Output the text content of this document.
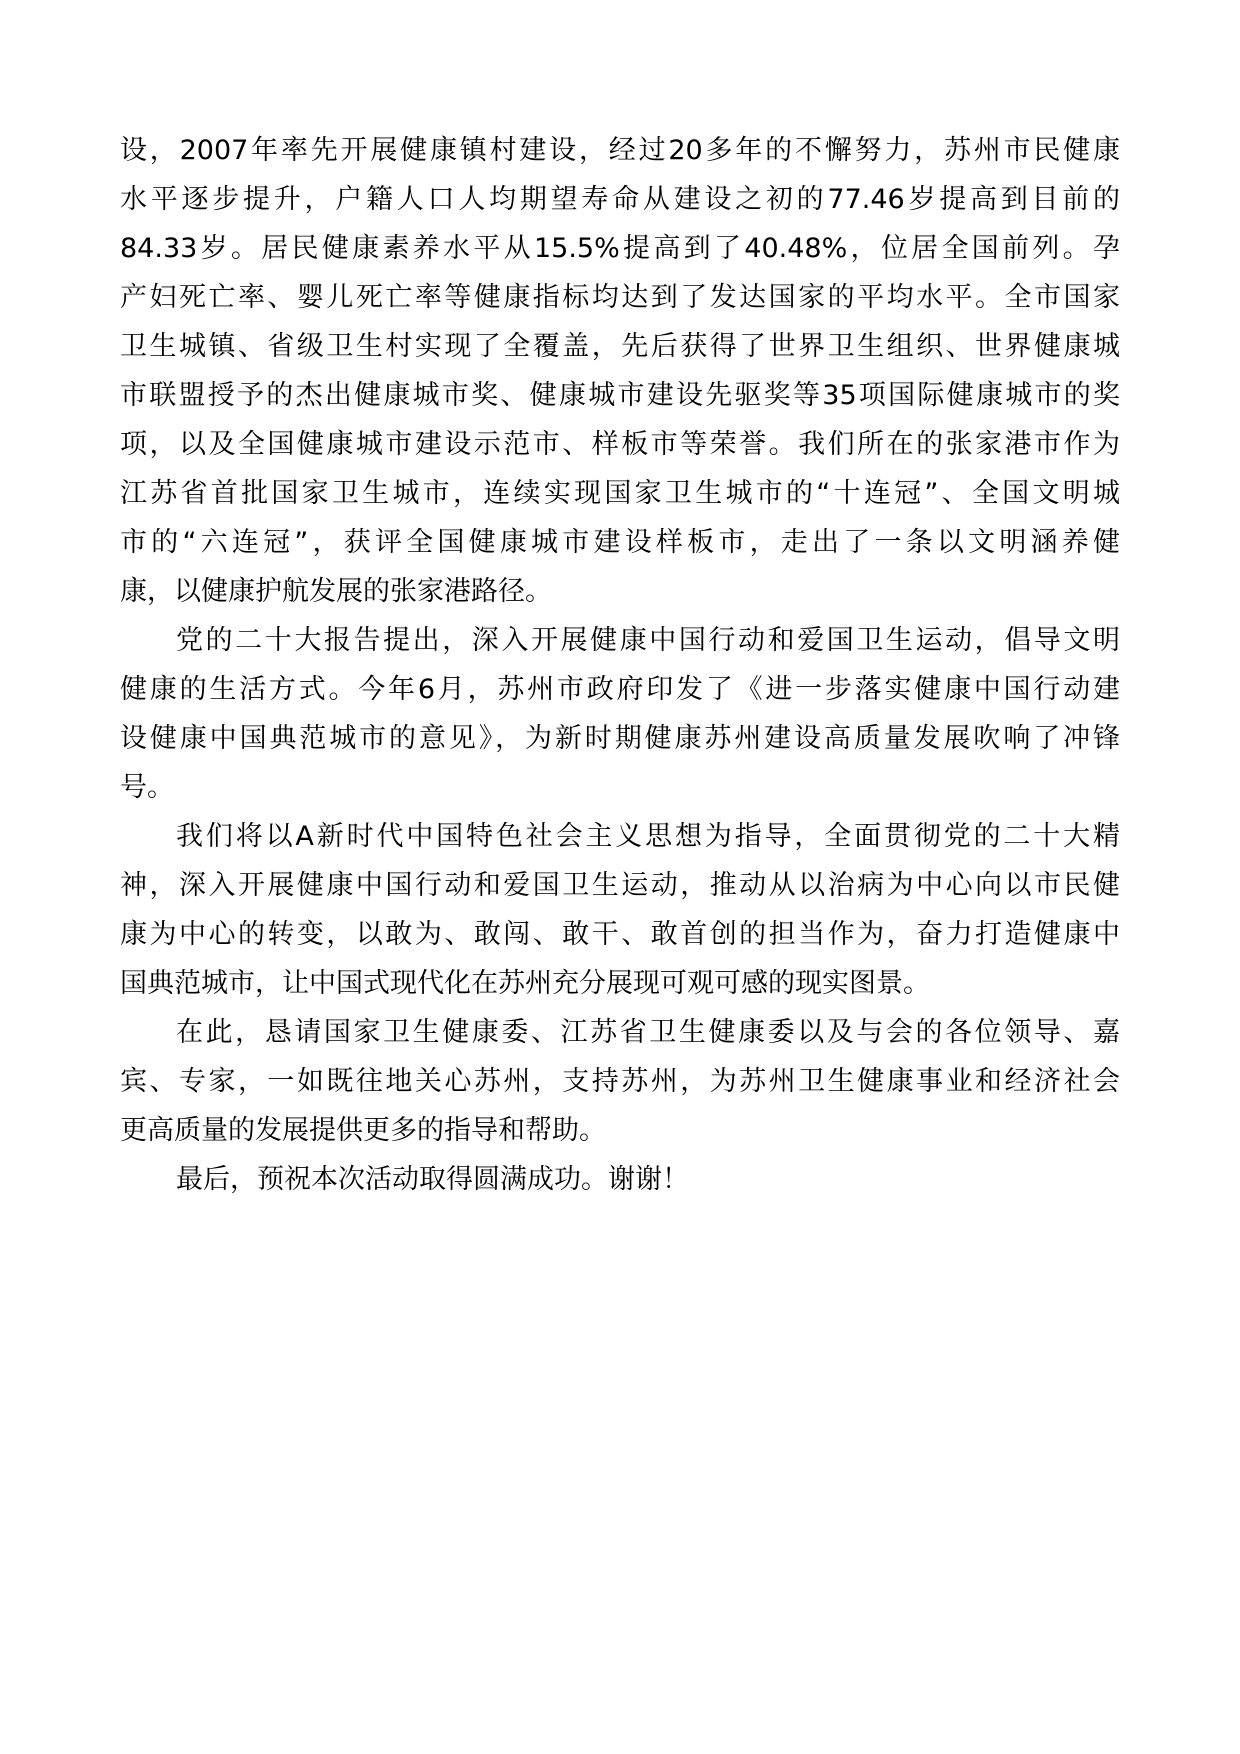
设，2007年率先开展健康镇村建设，经过20多年的不懈努力，苏州市民健康
水平逐步提升，户籍人口人均期望寿命从建设之初的77.46岁提高到目前的
84.33岁。居民健康素养水平从15.5%提高到了40.48%，位居全国前列。孕
产妇死亡率、婴儿死亡率等健康指标均达到了发达国家的平均水平。全市国家
卫生城镇、省级卫生村实现了全覆盖，先后获得了世界卫生组织、世界健康城
市联盟授予的杰出健康城市奖、健康城市建设先驱奖等35项国际健康城市的奖
项，以及全国健康城市建设示范市、样板市等荣誉。我们所在的张家港市作为
江苏省首批国家卫生城市，连续实现国家卫生城市的“十连冠”、全国文明城
市的“六连冠”，获评全国健康城市建设样板市，走出了一条以文明涵养健
康，以健康护航发展的张家港路径。
党的二十大报告提出，深入开展健康中国行动和爱国卫生运动，倡导文明
健康的生活方式。今年6月，苏州市政府印发了《进一步落实健康中国行动建
设健康中国典范城市的意见》，为新时期健康苏州建设高质量发展吹响了冲锋
号。
我们将以A新时代中国特色社会主义思想为指导，全面贯彻党的二十大精
神，深入开展健康中国行动和爱国卫生运动，推动从以治病为中心向以市民健
康为中心的转变，以敢为、敢闯、敢干、敢首创的担当作为，奋力打造健康中
国典范城市，让中国式现代化在苏州充分展现可观可感的现实图景。
在此，恳请国家卫生健康委、江苏省卫生健康委以及与会的各位领导、嘉
宾、专家，一如既往地关心苏州，支持苏州，为苏州卫生健康事业和经济社会
更高质量的发展提供更多的指导和帮助。
最后，预祝本次活动取得圆满成功。谢谢！
